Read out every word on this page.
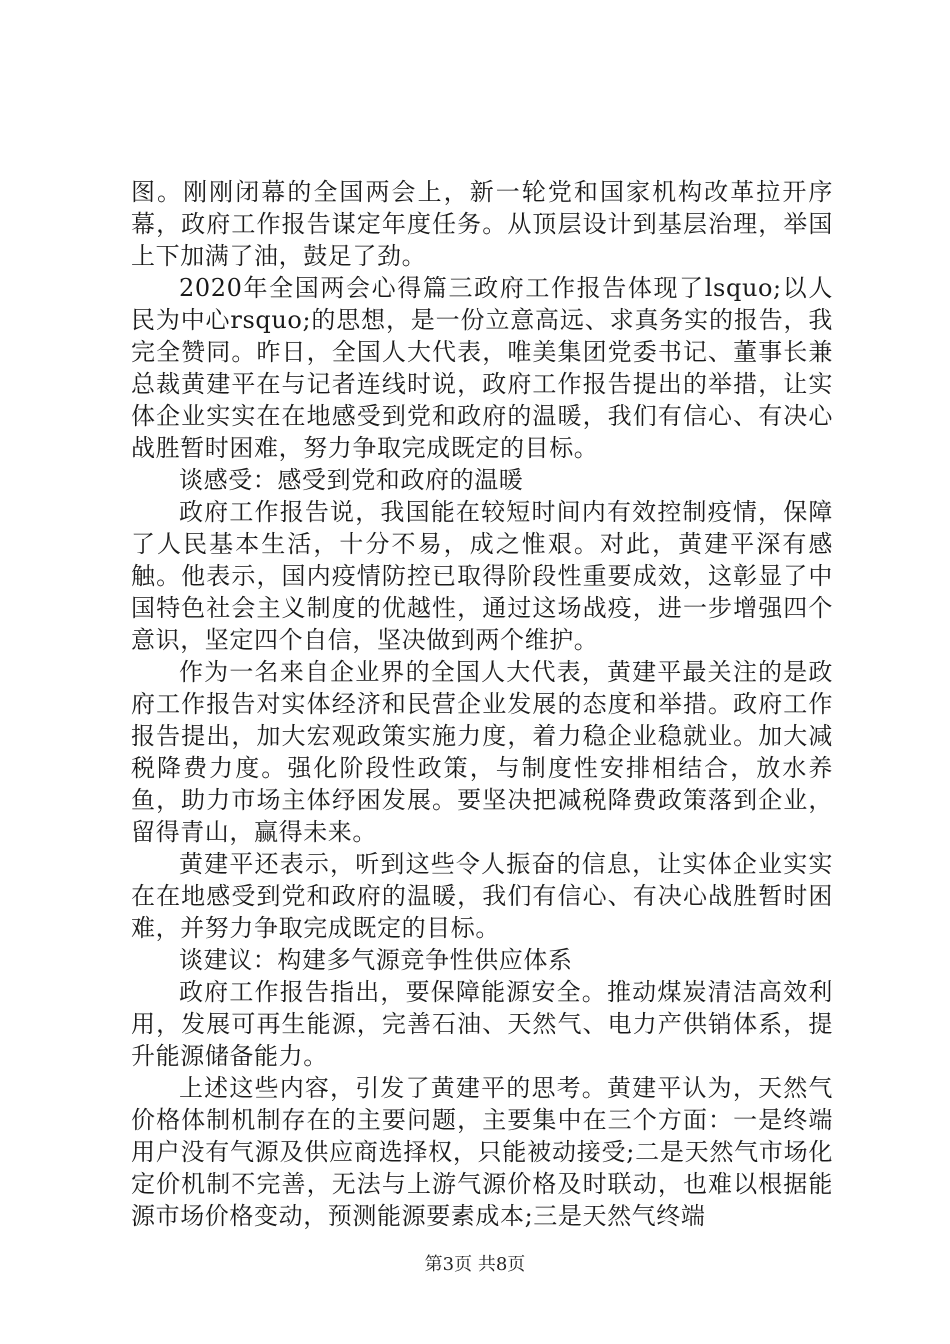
图。刚刚闭幕的全国两会上，新一轮党和国家机构改革拉开序幕，政府工作报告谋定年度任务。从顶层设计到基层治理，举国上下加满了油，鼓足了劲。

2020年全国两会心得篇三政府工作报告体现了lsquo;以人民为中心rsquo;的思想，是一份立意高远、求真务实的报告，我完全赞同。昨日，全国人大代表，唯美集团党委书记、董事长兼总裁黄建平在与记者连线时说，政府工作报告提出的举措，让实体企业实实在在地感受到党和政府的温暖，我们有信心、有决心战胜暂时困难，努力争取完成既定的目标。

谈感受：感受到党和政府的温暖

政府工作报告说，我国能在较短时间内有效控制疫情，保障了人民基本生活，十分不易，成之惟艰。对此，黄建平深有感触。他表示，国内疫情防控已取得阶段性重要成效，这彰显了中国特色社会主义制度的优越性，通过这场战疫，进一步增强四个意识，坚定四个自信，坚决做到两个维护。

作为一名来自企业界的全国人大代表，黄建平最关注的是政府工作报告对实体经济和民营企业发展的态度和举措。政府工作报告提出，加大宏观政策实施力度，着力稳企业稳就业。加大减税降费力度。强化阶段性政策，与制度性安排相结合，放水养鱼，助力市场主体纾困发展。要坚决把减税降费政策落到企业，留得青山，赢得未来。

黄建平还表示，听到这些令人振奋的信息，让实体企业实实在在地感受到党和政府的温暖，我们有信心、有决心战胜暂时困难，并努力争取完成既定的目标。

谈建议：构建多气源竞争性供应体系

政府工作报告指出，要保障能源安全。推动煤炭清洁高效利用，发展可再生能源，完善石油、天然气、电力产供销体系，提升能源储备能力。

上述这些内容，引发了黄建平的思考。黄建平认为，天然气价格体制机制存在的主要问题，主要集中在三个方面：一是终端用户没有气源及供应商选择权，只能被动接受;二是天然气市场化定价机制不完善，无法与上游气源价格及时联动，也难以根据能源市场价格变动，预测能源要素成本;三是天然气终端

第3页 共8页
